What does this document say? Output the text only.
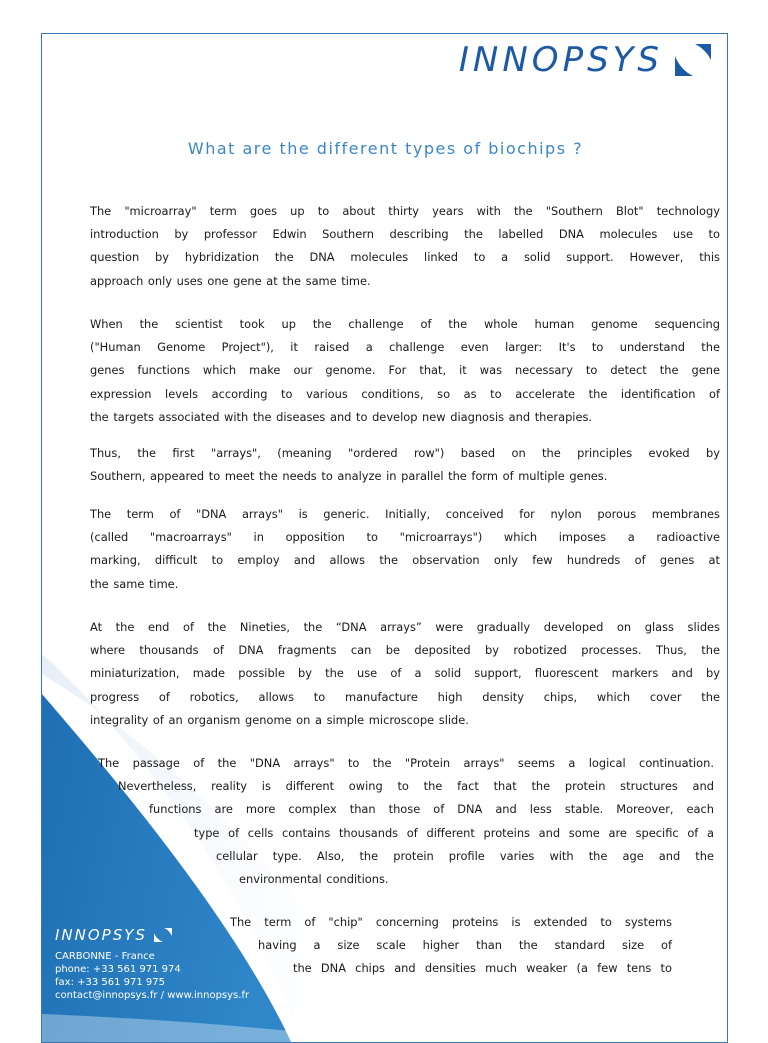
INNOPSYS
What are the different types of biochips ?
The "microarray" term goes up to about thirty years with the "Southern Blot" technology
introduction by professor Edwin Southern describing the labelled DNA molecules use to
question by hybridization the DNA molecules linked to a solid support. However, this
approach only uses one gene at the same time.
When the scientist took up the challenge of the whole human genome sequencing
("Human Genome Project"), it raised a challenge even larger: It's to understand the
genes functions which make our genome. For that, it was necessary to detect the gene
expression levels according to various conditions, so as to accelerate the identification of
the targets associated with the diseases and to develop new diagnosis and therapies.
Thus, the first "arrays", (meaning "ordered row") based on the principles evoked by
Southern, appeared to meet the needs to analyze in parallel the form of multiple genes.
The term of "DNA arrays" is generic. Initially, conceived for nylon porous membranes
(called "macroarrays" in opposition to "microarrays") which imposes a radioactive
marking, difficult to employ and allows the observation only few hundreds of genes at
the same time.
At the end of the Nineties, the “DNA arrays” were gradually developed on glass slides
where thousands of DNA fragments can be deposited by robotized processes. Thus, the
miniaturization, made possible by the use of a solid support, fluorescent markers and by
progress of robotics, allows to manufacture high density chips, which cover the
integrality of an organism genome on a simple microscope slide.
The passage of the "DNA arrays" to the "Protein arrays" seems a logical continuation.
Nevertheless, reality is different owing to the fact that the protein structures and
functions are more complex than those of DNA and less stable. Moreover, each
type of cells contains thousands of different proteins and some are specific of a
cellular type. Also, the protein profile varies with the age and the
environmental conditions.
The term of "chip" concerning proteins is extended to systems
having a size scale higher than the standard size of
the DNA chips and densities much weaker (a few tens to
INNOPSYS
CARBONNE - France
phone: +33 561 971 974
fax: +33 561 971 975
contact@innopsys.fr / www.innopsys.fr
